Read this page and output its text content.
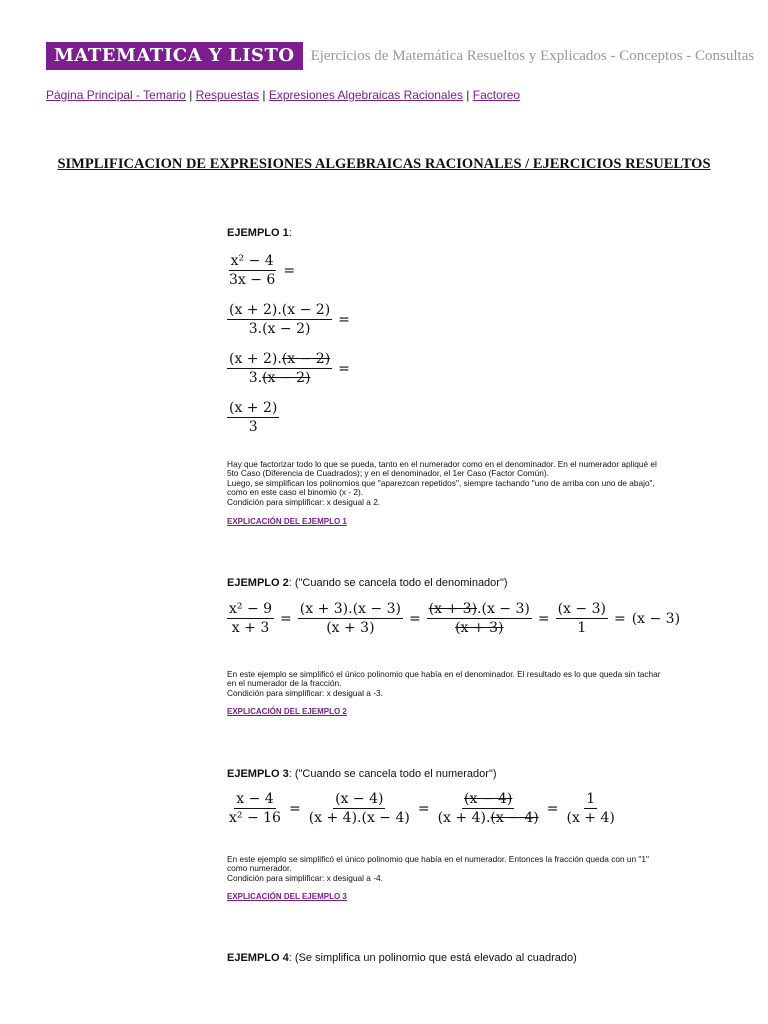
MATEMATICA Y LISTO	Ejercicios de Matemática Resueltos y Explicados - Conceptos - Consultas
Página Principal - Temario | Respuestas | Expresiones Algebraicas Racionales | Factoreo
SIMPLIFICACION DE EXPRESIONES ALGEBRAICAS RACIONALES / EJERCICIOS RESUELTOS
EJEMPLO 1:
$\frac{\text{x² − 4}}{3x - 6}$ =
$\frac{(x + 2).(x - 2)}{3.(x - 2)}$ =
$\frac{(x + 2).(x - 2)}{3.(x - 2)}$ =
$\frac{(x + 2)}{3}$
Hay que factorizar todo lo que se pueda, tanto en el numerador como en el denominador. En el numerador apliqué el 5to Caso (Diferencia de Cuadrados); y en el denominador, el 1er Caso (Factor Común).
Luego, se simplifican los polinomios que "aparezcan repetidos", siempre tachando "uno de arriba con uno de abajo", como en este caso el binomio (x - 2).
Condición para simplificar: x desigual a 2.
EXPLICACIÓN DEL EJEMPLO 1
EJEMPLO 2: ("Cuando se cancela todo el denominador")
$\frac{\text{x² − 9}}{x + 3} = \frac{(x + 3).(x - 3)}{(x + 3)} = \frac{(x + 3).(x - 3)}{(x + 3)} = \frac{(x - 3)}{1} = (x - 3)$
En este ejemplo se simplificó el único polinomio que había en el denominador. El resultado es lo que queda sin tachar en el numerador de la fracción.
Condición para simplificar: x desigual a -3.
EXPLICACIÓN DEL EJEMPLO 2
EJEMPLO 3: ("Cuando se cancela todo el numerador")
$\frac{x - 4}{\text{x² − 16}} = \frac{(x - 4)}{(x + 4).(x - 4)} = \frac{(x - 4)}{(x + 4).(x - 4)} = \frac{1}{(x + 4)}$
En este ejemplo se simplificó el único polinomio que había en el numerador. Entonces la fracción queda con un "1" como numerador.
Condición para simplificar: x desigual a -4.
EXPLICACIÓN DEL EJEMPLO 3
EJEMPLO 4: (Se simplifica un polinomio que está elevado al cuadrado)
